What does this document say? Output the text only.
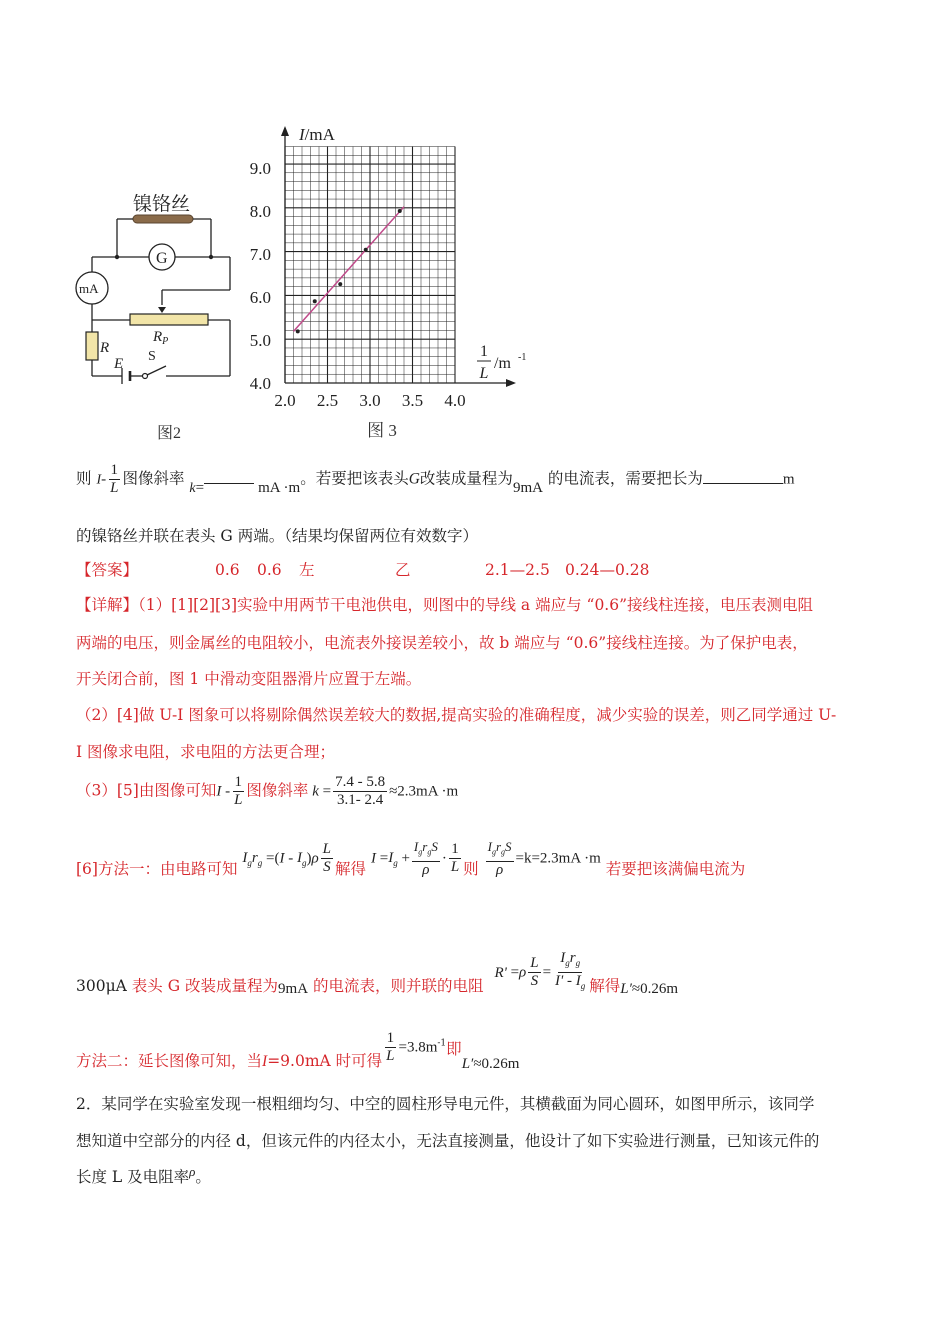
镍铬丝
G
mA
$R_P$
R
E S
图2
I/mA
1
L
/m -1
4.0
5.0
6.0
7.0
8.0
9.0
2.0 2.5 3.0 3.5 4.0
图 3
则 $I- \frac{1}{L}$ 图像斜率 k=	mA ·m。若要把该表头G改装成量程为9mA 的电流表，需要把长为	m
的镍铬丝并联在表头 G 两端。（结果均保留两位有效数字）
【答案】	0.6 0.6 左	乙	2.1—2.5 0.24—0.28
【详解】（1）[1][2][3]实验中用两节干电池供电，则图中的导线 a 端应与 “0.6”接线柱连接，电压表测电阻
两端的电压，则金属丝的电阻较小，电流表外接误差较小，故 b 端应与 “0.6”接线柱连接。为了保护电表，
开关闭合前，图 1 中滑动变阻器滑片应置于左端。
（2）[4]做 U-I 图象可以将剔除偶然误差较大的数据,提高实验的准确程度，减少实验的误差，则乙同学通过 U-
I 图像求电阻，求电阻的方法更合理；
（3）[5]由图像可知I - $\frac{1}{L}$ 图像斜率 $k = \frac{7.4 - 5.8}{3.1- 2.4} \approx 2.3mA \cdot m$
[6]方法一：由电路可知 $I_gr_g =(I - I_g)\rho \frac{L}{S}$ 解得 $I =I_g + \frac{I_gr_gS}{\rho} \cdot \frac{1}{L}$ 则 $\frac{I_gr_gS}{\rho} =k=2.3mA \cdot m$ 若要把该满偏电流为
300μA 表头 G 改装成量程为9mA 的电流表，则并联的电阻 $R' =\rho \frac{L}{S} = \frac{I_gr_g}{I' - I_g}$ 解得L′≈0.26m
方法二：延长图像可知，当I=9.0mA 时可得 $\frac{1}{L} =3.8m^{-1}$即L′≈0.26m
2．某同学在实验室发现一根粗细均匀、中空的圆柱形导电元件，其横截面为同心圆环，如图甲所示，该同学
想知道中空部分的内径 d，但该元件的内径太小，无法直接测量，他设计了如下实验进行测量，已知该元件的
长度 L 及电阻率$^\rho$。
